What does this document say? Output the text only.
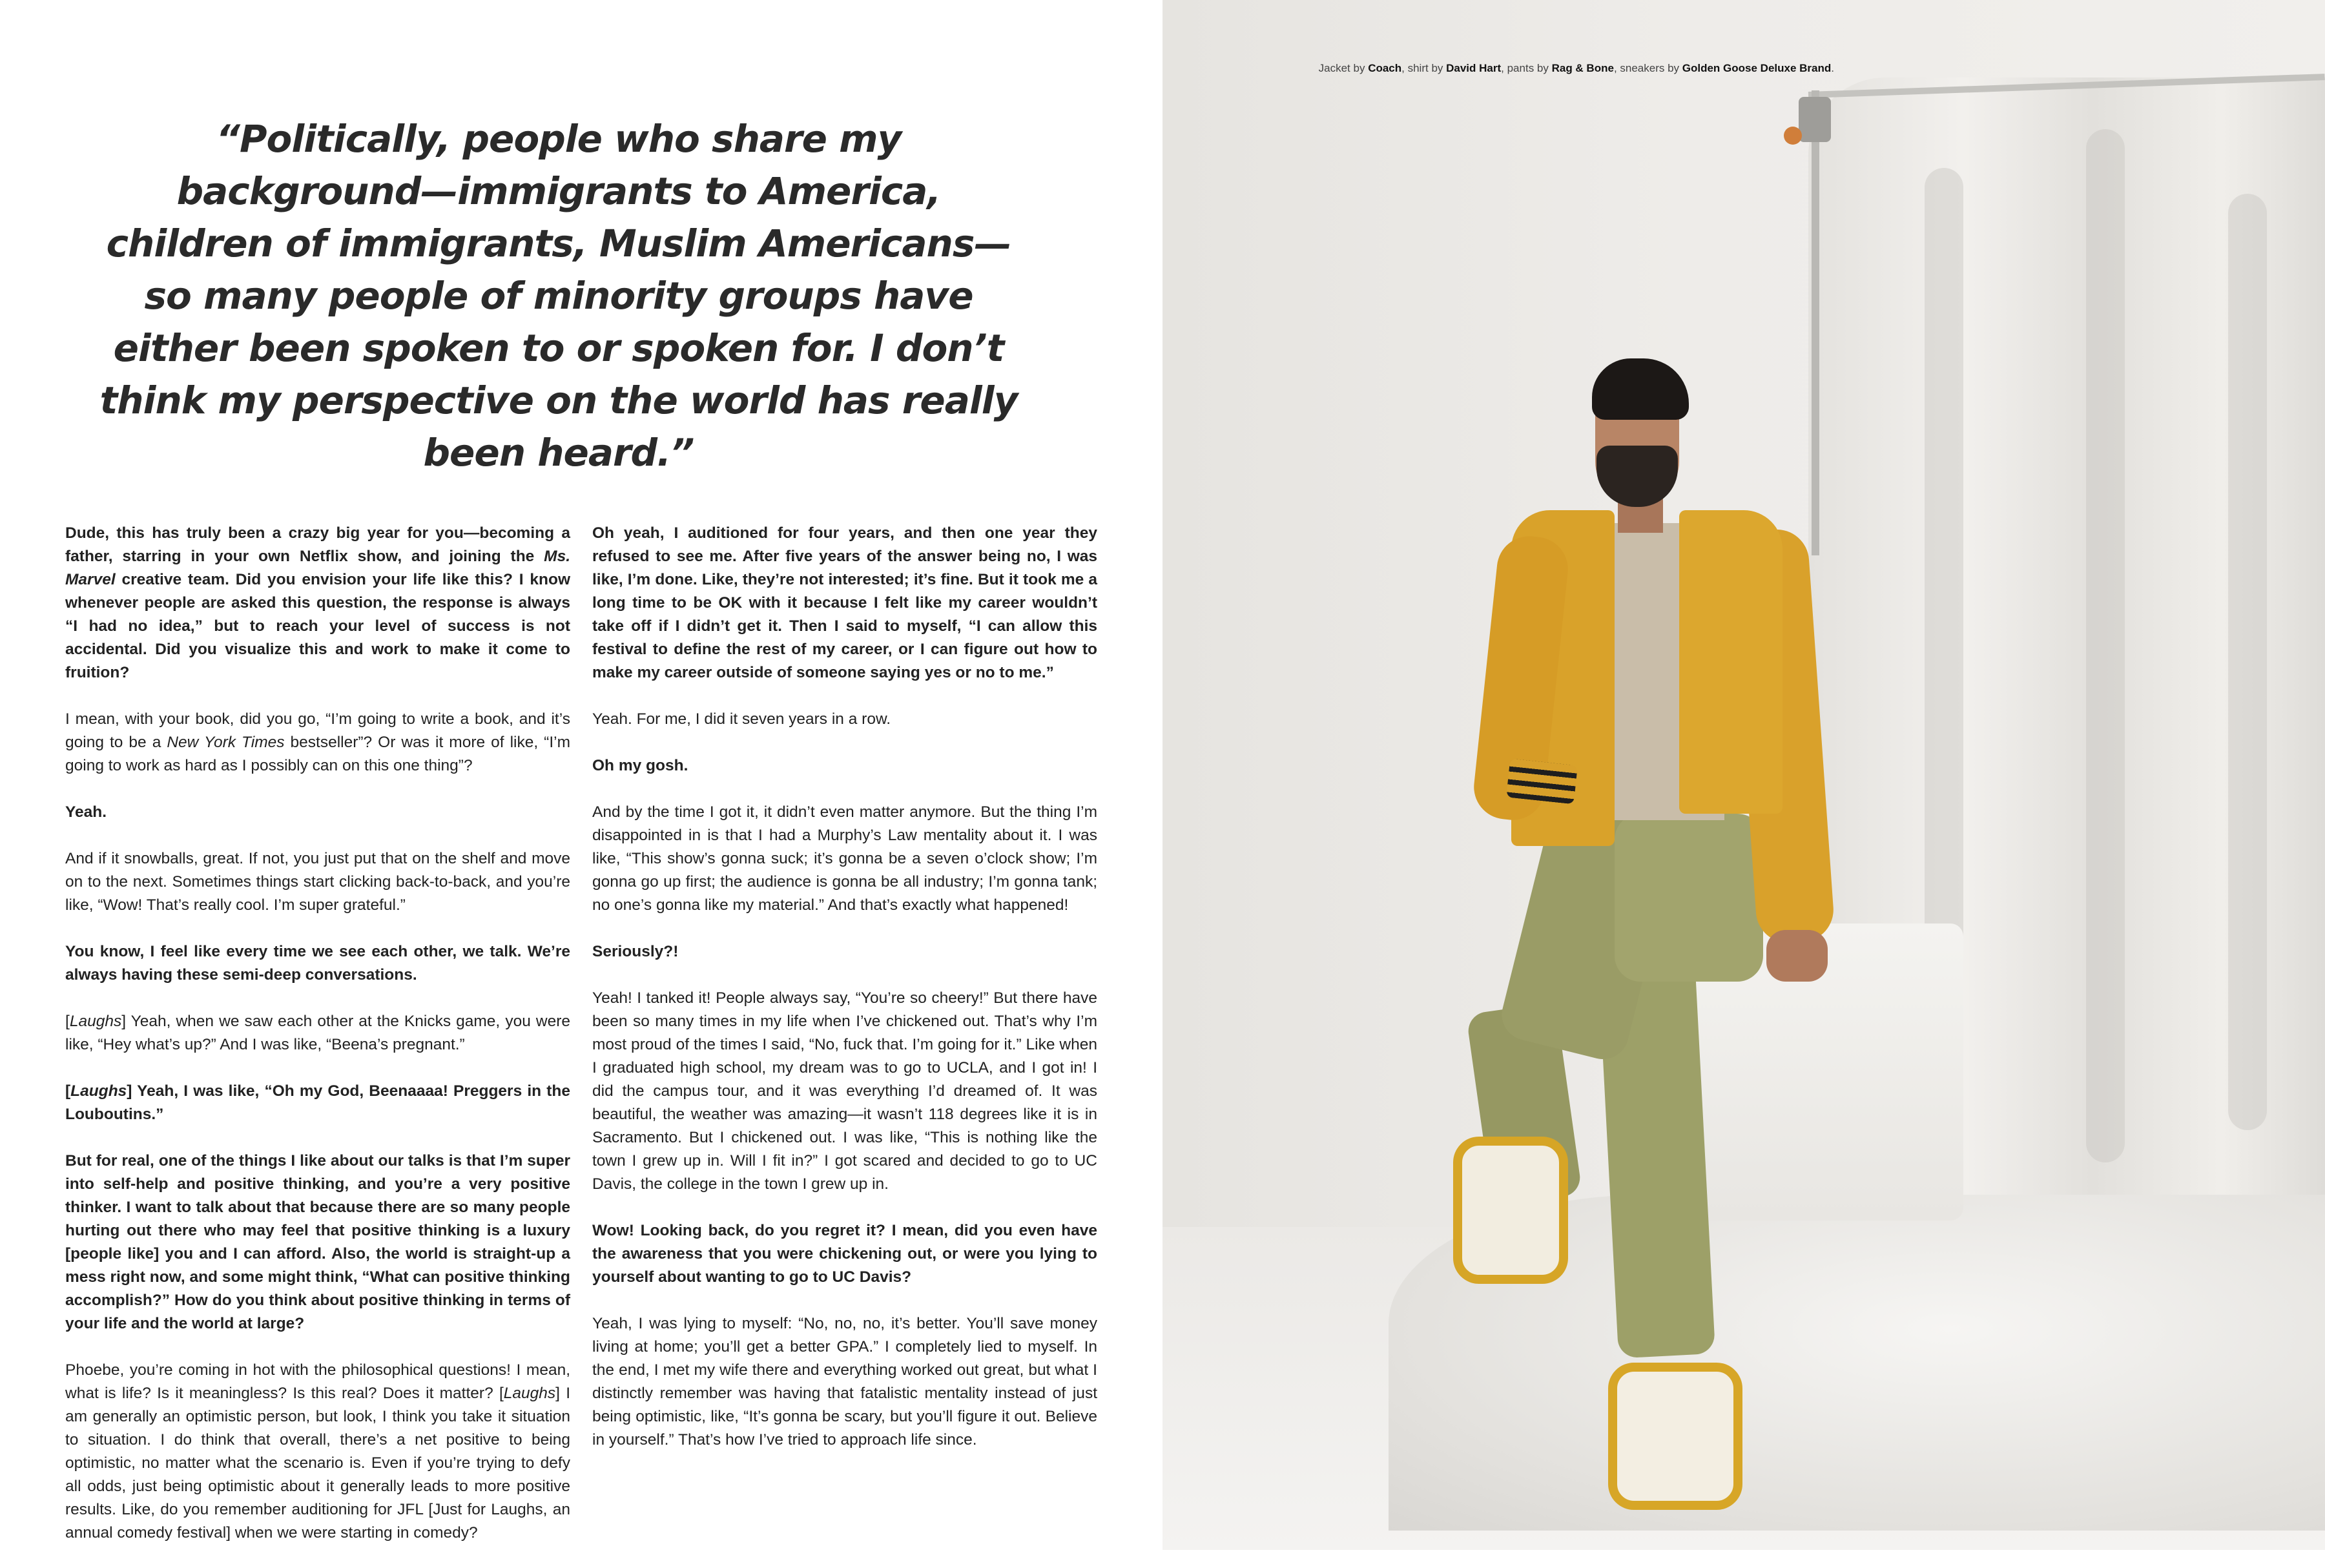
“Politically, people who share my background—immigrants to America, children of immigrants, Muslim Americans—so many people of minority groups have either been spoken to or spoken for. I don’t think my perspective on the world has really been heard.”

Dude, this has truly been a crazy big year for you—becoming a father, starring in your own Netflix show, and joining the Ms. Marvel creative team. Did you envision your life like this? I know whenever people are asked this question, the response is always “I had no idea,” but to reach your level of success is not accidental. Did you visualize this and work to make it come to fruition?

I mean, with your book, did you go, “I’m going to write a book, and it’s going to be a New York Times bestseller”? Or was it more of like, “I’m going to work as hard as I possibly can on this one thing”?

Yeah.

And if it snowballs, great. If not, you just put that on the shelf and move on to the next. Sometimes things start clicking back-to-back, and you’re like, “Wow! That’s really cool. I’m super grateful.”

You know, I feel like every time we see each other, we talk. We’re always having these semi-deep conversations.

[Laughs] Yeah, when we saw each other at the Knicks game, you were like, “Hey what’s up?” And I was like, “Beena’s pregnant.”

[Laughs] Yeah, I was like, “Oh my God, Beenaaaa! Preggers in the Louboutins.”

But for real, one of the things I like about our talks is that I’m super into self-help and positive thinking, and you’re a very positive thinker. I want to talk about that because there are so many people hurting out there who may feel that positive thinking is a luxury [people like] you and I can afford. Also, the world is straight-up a mess right now, and some might think, “What can positive thinking accomplish?” How do you think about positive thinking in terms of your life and the world at large?

Phoebe, you’re coming in hot with the philosophical questions! I mean, what is life? Is it meaningless? Is this real? Does it matter? [Laughs] I am generally an optimistic person, but look, I think you take it situation to situation. I do think that overall, there’s a net positive to being optimistic, no matter what the scenario is. Even if you’re trying to defy all odds, just being optimistic about it generally leads to more positive results. Like, do you remember auditioning for JFL [Just for Laughs, an annual comedy festival] when we were starting in comedy?

Oh yeah, I auditioned for four years, and then one year they refused to see me. After five years of the answer being no, I was like, I’m done. Like, they’re not interested; it’s fine. But it took me a long time to be OK with it because I felt like my career wouldn’t take off if I didn’t get it. Then I said to myself, “I can allow this festival to define the rest of my career, or I can figure out how to make my career outside of someone saying yes or no to me.”

Yeah. For me, I did it seven years in a row.

Oh my gosh.

And by the time I got it, it didn’t even matter anymore. But the thing I’m disappointed in is that I had a Murphy’s Law mentality about it. I was like, “This show’s gonna suck; it’s gonna be a seven o’clock show; I’m gonna go up first; the audience is gonna be all industry; I’m gonna tank; no one’s gonna like my material.” And that’s exactly what happened!

Seriously?!

Yeah! I tanked it! People always say, “You’re so cheery!” But there have been so many times in my life when I’ve chickened out. That’s why I’m most proud of the times I said, “No, fuck that. I’m going for it.” Like when I graduated high school, my dream was to go to UCLA, and I got in! I did the campus tour, and it was everything I’d dreamed of. It was beautiful, the weather was amazing—it wasn’t 118 degrees like it is in Sacramento. But I chickened out. I was like, “This is nothing like the town I grew up in. Will I fit in?” I got scared and decided to go to UC Davis, the college in the town I grew up in.

Wow! Looking back, do you regret it? I mean, did you even have the awareness that you were chickening out, or were you lying to yourself about wanting to go to UC Davis?

Yeah, I was lying to myself: “No, no, no, it’s better. You’ll save money living at home; you’ll get a better GPA.” I completely lied to myself. In the end, I met my wife there and everything worked out great, but what I distinctly remember was having that fatalistic mentality instead of just being optimistic, like, “It’s gonna be scary, but you’ll figure it out. Believe in yourself.” That’s how I’ve tried to approach life since.

Jacket by Coach, shirt by David Hart, pants by Rag & Bone, sneakers by Golden Goose Deluxe Brand.
